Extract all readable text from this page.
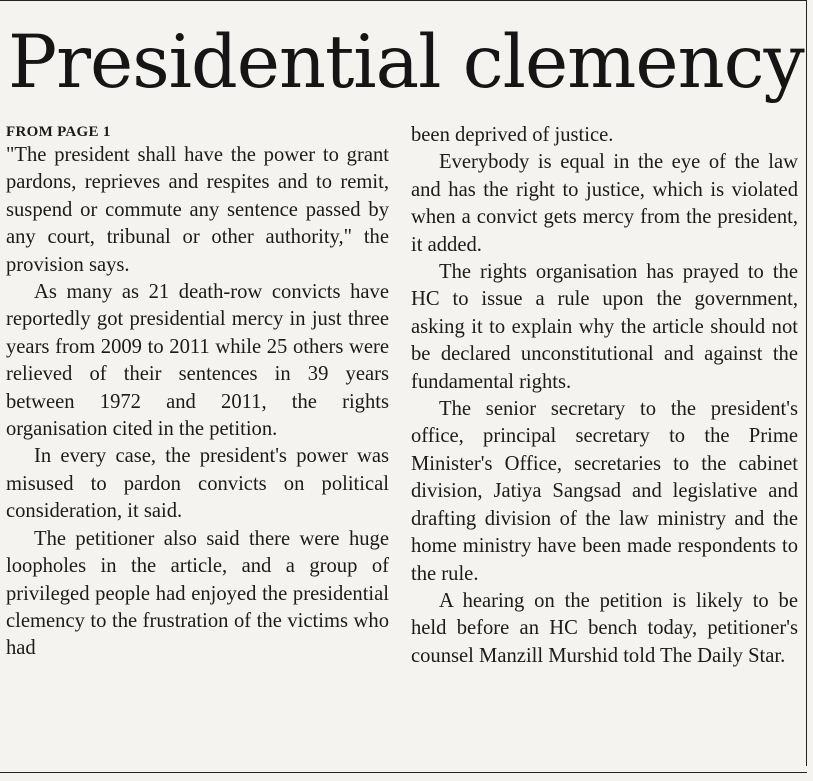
Presidential clemency
FROM PAGE 1

"The president shall have the power to grant pardons, reprieves and respites and to remit, suspend or commute any sentence passed by any court, tribunal or other authority," the provision says.

As many as 21 death-row convicts have reportedly got presidential mercy in just three years from 2009 to 2011 while 25 others were relieved of their sentences in 39 years between 1972 and 2011, the rights organisation cited in the petition.

In every case, the president's power was misused to pardon convicts on political consideration, it said.

The petitioner also said there were huge loopholes in the article, and a group of privileged people had enjoyed the presidential clemency to the frustration of the victims who had

been deprived of justice.

Everybody is equal in the eye of the law and has the right to justice, which is violated when a convict gets mercy from the president, it added.

The rights organisation has prayed to the HC to issue a rule upon the government, asking it to explain why the article should not be declared unconstitutional and against the fundamental rights.

The senior secretary to the president's office, principal secretary to the Prime Minister's Office, secretaries to the cabinet division, Jatiya Sangsad and legislative and drafting division of the law ministry and the home ministry have been made respondents to the rule.

A hearing on the petition is likely to be held before an HC bench today, petitioner's counsel Manzill Murshid told The Daily Star.
